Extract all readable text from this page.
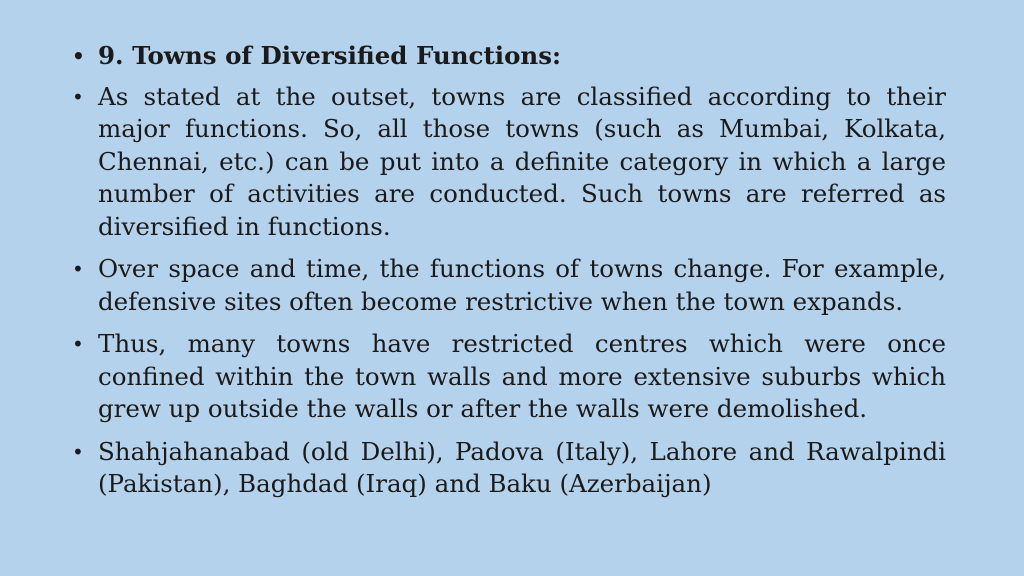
• 9. Towns of Diversified Functions:
• As stated at the outset, towns are classified according to their major functions. So, all those towns (such as Mumbai, Kolkata, Chennai, etc.) can be put into a definite category in which a large number of activities are conducted. Such towns are referred as diversified in functions.
• Over space and time, the functions of towns change. For example, defensive sites often become restrictive when the town expands.
• Thus, many towns have restricted centres which were once confined within the town walls and more extensive suburbs which grew up outside the walls or after the walls were demolished.
• Shahjahanabad (old Delhi), Padova (Italy), Lahore and Rawalpindi (Pakistan), Baghdad (Iraq) and Baku (Azerbaijan)
